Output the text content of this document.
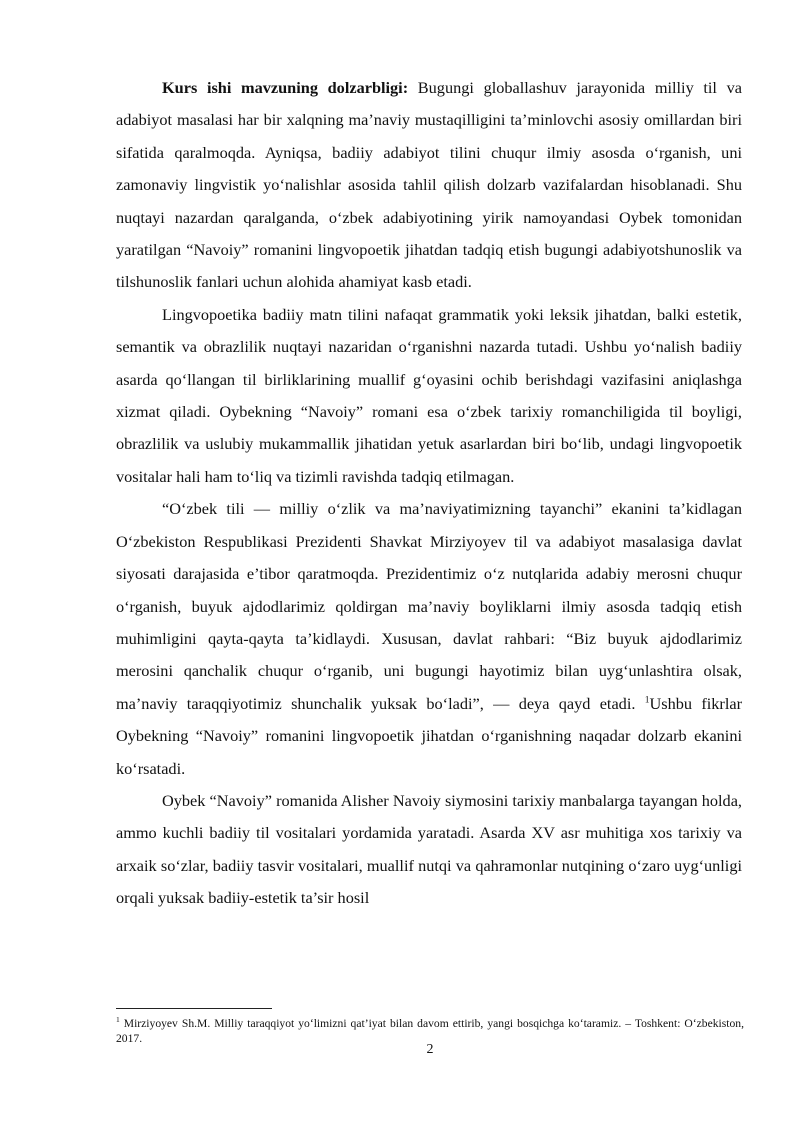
Kurs ishi mavzuning dolzarbligi: Bugungi globallashuv jarayonida milliy til va adabiyot masalasi har bir xalqning ma’naviy mustaqilligini ta’minlovchi asosiy omillardan biri sifatida qaralmoqda. Ayniqsa, badiiy adabiyot tilini chuqur ilmiy asosda o‘rganish, uni zamonaviy lingvistik yo‘nalishlar asosida tahlil qilish dolzarb vazifalardan hisoblanadi. Shu nuqtayi nazardan qaralganda, o‘zbek adabiyotining yirik namoyandasi Oybek tomonidan yaratilgan “Navoiy” romanini lingvopoetik jihatdan tadqiq etish bugungi adabiyotshunoslik va tilshunoslik fanlari uchun alohida ahamiyat kasb etadi.

Lingvopoetika badiiy matn tilini nafaqat grammatik yoki leksik jihatdan, balki estetik, semantik va obrazlilik nuqtayi nazaridan o‘rganishni nazarda tutadi. Ushbu yo‘nalish badiiy asarda qo‘llangan til birliklarining muallif g‘oyasini ochib berishdagi vazifasini aniqlashga xizmat qiladi. Oybekning “Navoiy” romani esa o‘zbek tarixiy romanchiligida til boyligi, obrazlilik va uslubiy mukammallik jihatidan yetuk asarlardan biri bo‘lib, undagi lingvopoetik vositalar hali ham to‘liq va tizimli ravishda tadqiq etilmagan.

“O‘zbek tili — milliy o‘zlik va ma’naviyatimizning tayanchi” ekanini ta’kidlagan O‘zbekiston Respublikasi Prezidenti Shavkat Mirziyoyev til va adabiyot masalasiga davlat siyosati darajasida e’tibor qaratmoqda. Prezidentimiz o‘z nutqlarida adabiy merosni chuqur o‘rganish, buyuk ajdodlarimiz qoldirgan ma’naviy boyliklarni ilmiy asosda tadqiq etish muhimligini qayta-qayta ta’kidlaydi. Xususan, davlat rahbari: “Biz buyuk ajdodlarimiz merosini qanchalik chuqur o‘rganib, uni bugungi hayotimiz bilan uyg‘unlashtira olsak, ma’naviy taraqqiyotimiz shunchalik yuksak bo‘ladi”, — deya qayd etadi. $^1$Ushbu fikrlar Oybekning “Navoiy” romanini lingvopoetik jihatdan o‘rganishning naqadar dolzarb ekanini ko‘rsatadi.

Oybek “Navoiy” romanida Alisher Navoiy siymosini tarixiy manbalarga tayangan holda, ammo kuchli badiiy til vositalari yordamida yaratadi. Asarda XV asr muhitiga xos tarixiy va arxaik so‘zlar, badiiy tasvir vositalari, muallif nutqi va qahramonlar nutqining o‘zaro uyg‘unligi orqali yuksak badiiy-estetik ta’sir hosil

$^1$ Mirziyoyev Sh.M. Milliy taraqqiyot yo‘limizni qat’iyat bilan davom ettirib, yangi bosqichga ko‘taramiz. – Toshkent: O‘zbekiston, 2017.

2
